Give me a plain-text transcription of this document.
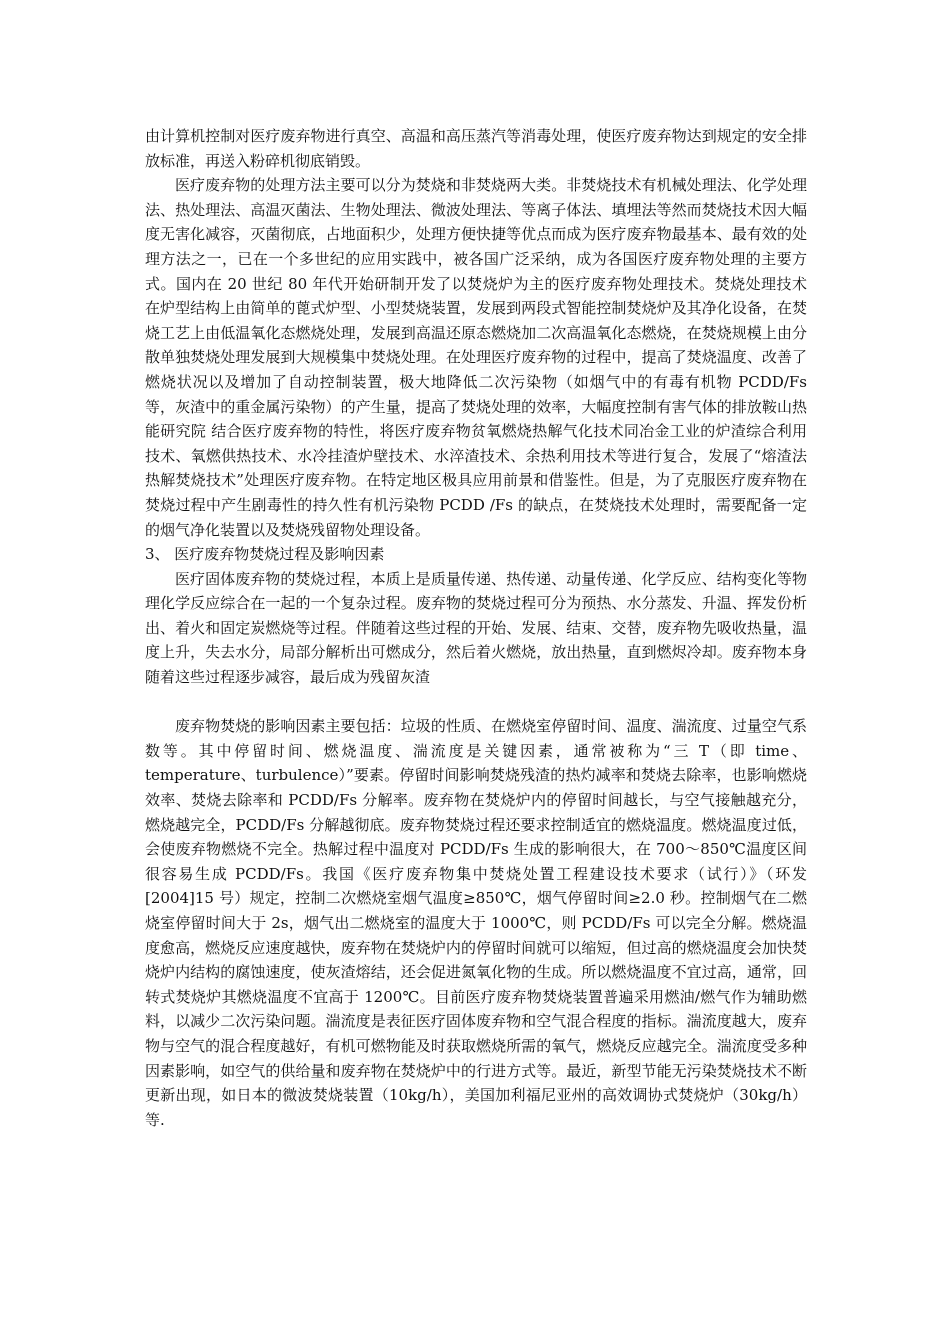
由计算机控制对医疗废弃物进行真空、高温和高压蒸汽等消毒处理，使医疗废弃物达到规定的安全排放标准，再送入粉碎机彻底销毁。

医疗废弃物的处理方法主要可以分为焚烧和非焚烧两大类。非焚烧技术有机械处理法、化学处理法、热处理法、高温灭菌法、生物处理法、微波处理法、等离子体法、填埋法等然而焚烧技术因大幅度无害化减容，灭菌彻底，占地面积少，处理方便快捷等优点而成为医疗废弃物最基本、最有效的处理方法之一，已在一个多世纪的应用实践中，被各国广泛采纳，成为各国医疗废弃物处理的主要方式。国内在 20 世纪 80 年代开始研制开发了以焚烧炉为主的医疗废弃物处理技术。焚烧处理技术 在炉型结构上由简单的蓖式炉型、小型焚烧装置，发展到两段式智能控制焚烧炉及其净化设备，在焚烧工艺上由低温氧化态燃烧处理，发展到高温还原态燃烧加二次高温氧化态燃烧，在焚烧规模上由分散单独焚烧处理发展到大规模集中焚烧处理。在处理医疗废弃物的过程中，提高了焚烧温度、改善了燃烧状况以及增加了自动控制装置，极大地降低二次污染物（如烟气中的有毒有机物 PCDD/Fs 等，灰渣中的重金属污染物）的产生量，提高了焚烧处理的效率，大幅度控制有害气体的排放鞍山热能研究院 结合医疗废弃物的特性，将医疗废弃物贫氧燃烧热解气化技术同冶金工业的炉渣综合利用技术、氧燃供热技术、水冷挂渣炉壁技术、水淬渣技术、余热利用技术等进行复合，发展了“熔渣法热解焚烧技术”处理医疗废弃物。在特定地区极具应用前景和借鉴性。但是，为了克服医疗废弃物在焚烧过程中产生剧毒性的持久性有机污染物 PCDD /Fs 的缺点，在焚烧技术处理时，需要配备一定的烟气净化装置以及焚烧残留物处理设备。

3、 医疗废弃物焚烧过程及影响因素

医疗固体废弃物的焚烧过程，本质上是质量传递、热传递、动量传递、化学反应、结构变化等物理化学反应综合在一起的一个复杂过程。废弃物的焚烧过程可分为预热、水分蒸发、升温、挥发份析出、着火和固定炭燃烧等过程。伴随着这些过程的开始、发展、结束、交替，废弃物先吸收热量，温度上升，失去水分，局部分解析出可燃成分，然后着火燃烧，放出热量，直到燃烬冷却。废弃物本身随着这些过程逐步减容，最后成为残留灰渣

废弃物焚烧的影响因素主要包括：垃圾的性质、在燃烧室停留时间、温度、湍流度、过量空气系数等。其中停留时间、燃烧温度、湍流度是关键因素，通常被称为“三 T（即 time、temperature、turbulence）”要素。停留时间影响焚烧残渣的热灼减率和焚烧去除率，也影响燃烧效率、焚烧去除率和 PCDD/Fs 分解率。废弃物在焚烧炉内的停留时间越长，与空气接触越充分，燃烧越完全，PCDD/Fs 分解越彻底。废弃物焚烧过程还要求控制适宜的燃烧温度。燃烧温度过低，会使废弃物燃烧不完全。热解过程中温度对 PCDD/Fs 生成的影响很大，在 700～850℃温度区间很容易生成 PCDD/Fs。我国《医疗废弃物集中焚烧处置工程建设技术要求（试行）》（环发[2004]15 号）规定，控制二次燃烧室烟气温度≥850℃，烟气停留时间≥2.0 秒。控制烟气在二燃烧室停留时间大于 2s，烟气出二燃烧室的温度大于 1000℃，则 PCDD/Fs 可以完全分解。燃烧温度愈高，燃烧反应速度越快，废弃物在焚烧炉内的停留时间就可以缩短，但过高的燃烧温度会加快焚烧炉内结构的腐蚀速度，使灰渣熔结，还会促进氮氧化物的生成。所以燃烧温度不宜过高，通常，回转式焚烧炉其燃烧温度不宜高于 1200℃。目前医疗废弃物焚烧装置普遍采用燃油/燃气作为辅助燃料，以减少二次污染问题。湍流度是表征医疗固体废弃物和空气混合程度的指标。湍流度越大，废弃物与空气的混合程度越好，有机可燃物能及时获取燃烧所需的氧气，燃烧反应越完全。湍流度受多种因素影响，如空气的供给量和废弃物在焚烧炉中的行进方式等。最近，新型节能无污染焚烧技术不断更新出现，如日本的微波焚烧装置（10kg/h），美国加利福尼亚州的高效调协式焚烧炉（30kg/h）等.
